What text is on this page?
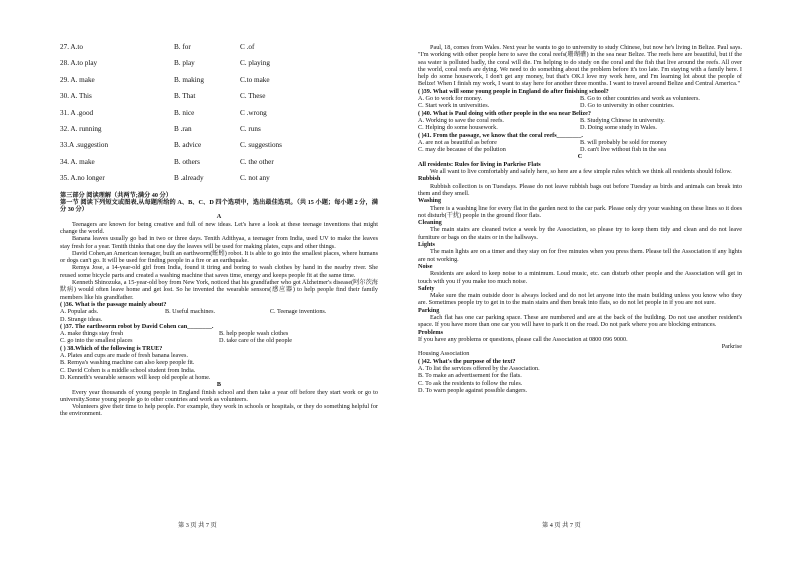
27. A.to	B. for	C .of
28. A.to play	B. play	C. playing
29. A. make	B. making	C.to make
30. A. This	B. That	C. These
31. A .good	B. nice	C .wrong
32. A. running	B .ran	C. runs
33.A .suggestion	B. advice	C. suggestions
34. A. make	B. others	C. the other
35. A.no longer	B .already	C. not any

第三部分 阅读理解（共两节;满分 40 分）

第一节 阅读下列短文或图表,从每题所给的 A、B、C、D 四个选项中，选出最佳选项。（共 15 小题；每小题 2 分，满分 30 分）

A

Teenagers are known for being creative and full of new ideas. Let's have a look at these teenage inventions that might change the world.

Banana leaves usually go bad in two or three days. Tenith Adithyaa, a teenager from India, used UV to make the leaves stay fresh for a year. Tenith thinks that one day the leaves will be used for making plates, cups and other things.

David Cohen,an American teenager, built an earthworm(蚯蚓) robot. It is able to go into the smallest places, where humans or dogs can't go. It will be used for finding people in a fire or an earthquake.

Remya Jose, a 14-year-old girl from India, found it tiring and boring to wash clothes by hand in the nearby river. She reused some bicycle parts and created a washing machine that saves time, energy and keeps people fit at the same time.

Kenneth Shinozuka, a 15-year-old boy from New York, noticed that his grandfather who got Alzheimer's disease(阿尔茨海默病) would often leave home and get lost. So he invented the wearable sensors(感应器) to help people find their family members like his grandfather.

( )36. What is the passage mainly about?

A. Popular ads.	B. Useful machines.	C. Teenage inventions.
D. Strange ideas.

( )37. The earthworm robot by David Cohen can________.

A. make things stay fresh	B. help people wash clothes
C. go into the smallest places	D. take care of the old people

( ) 38.Which of the following is TRUE?

A. Plates and cups are made of fresh banana leaves.

B. Remya's washing machine can also keep people fit.

C. David Cohen is a middle school student from India.

D. Kenneth's wearable sensors will keep old people at home.

B

Every year thousands of young people in England finish school and then take a year off before they start work or go to university.Some young people go to other countries and work as volunteers.

Volunteers give their time to help people. For example, they work in schools or hospitals, or they do something helpful for the environment.

Paul, 18, comes from Wales. Next year he wants to go to university to study Chinese, but now he's living in Belize. Paul says. "I'm working with other people here to save the coral reefs(珊瑚礁) in the sea near Belize. The reefs here are beautiful, but if the sea water is polluted badly, the coral will die. I'm helping to do study on the coral and the fish that live around the reefs. All over the world, coral reefs are dying. We need to do something about the problem before it's too late. I'm staying with a family here. I help do some housework, I don't get any money, but that's OK.I love my work here, and I'm learning lot about the people of Belize! When I finish my work, I want to stay here for another three months. I want to travel around Belize and Central America."

( )39. What will some young people in England do after finishing school?

A. Go to work for money.	B. Go to other countries and work as volunteers.
C. Start work in universities.	D. Go to university in other countries.

( )40. What is Paul doing with other people in the sea near Belize?

A. Working to save the coral reefs.	B. Studying Chinese in university.
C. Helping do some housework.	D. Doing some study in Wales.

( )41. From the passage, we know that the coral reefs________.

A. are not as beautiful as before	B. will probably be sold for money
C. may die because of the pollution	D. can't live without fish in the sea

C

All residents: Rules for living in Parkrise Flats

We all want to live comfortably and safely here, so here are a few simple rules which we think all residents should follow.

Rubbish

Rubbish collection is on Tuesdays. Please do not leave rubbish bags out before Tuesday as birds and animals can break into them and they smell.

Washing

There is a washing line for every flat in the garden next to the car park. Please only dry your washing on these lines so it does not disturb(干扰) people in the ground floor flats.

Cleaning

The main stairs are cleaned twice a week by the Association, so please try to keep them tidy and clean and do not leave furniture or bags on the stairs or in the hallways.

Lights

The main lights are on a timer and they stay on for five minutes when you press them. Please tell the Association if any lights are not working.

Noise

Residents are asked to keep noise to a minimum. Loud music, etc. can disturb other people and the Association will get in touch with you if you make too much noise.

Safety

Make sure the main outside door is always locked and do not let anyone into the main building unless you know who they are. Sometimes people try to get in to the main stairs and then break into flats, so do not let people in if you are not sure.

Parking

Each flat has one car parking space. These are numbered and are at the back of the building. Do not use another resident's space. If you have more than one car you will have to park it on the road. Do not park where you are blocking entrances.

Problems

If you have any problems or questions, please call the Association at 0800 096 9000.

Parkrise

Housing Association

( )42. What's the purpose of the text?

A. To list the services offered by the Association.

B. To make an advertisement for the flats.

C. To ask the residents to follow the rules.

D. To warn people against possible dangers.

第 3 页 共 7 页	第 4 页 共 7 页
